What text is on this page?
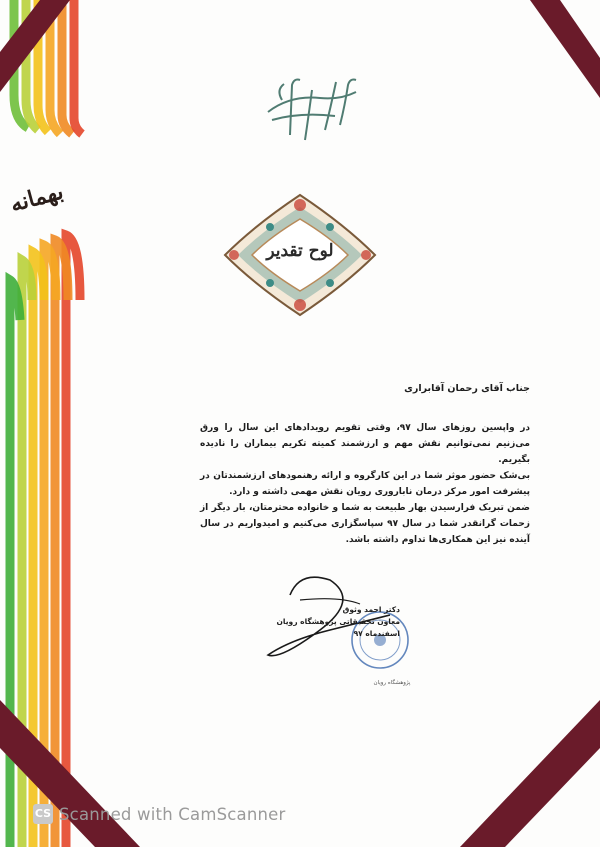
بهمانه
لوح تقدیر

جناب آقای رحمان آقابراری

در واپسین روزهای سال ۹۷، وقتی تقویم رویدادهای این سال را ورق می‌زنیم نمی‌توانیم نقش مهم و ارزشمند کمیته تکریم بیماران را نادیده بگیریم.

بی‌شک حضور موثر شما در این کارگروه و ارائه رهنمودهای ارزشمندتان در پیشرفت امور مرکز درمان ناباروری رویان نقش مهمی داشته و دارد.

ضمن تبریک فرارسیدن بهار طبیعت به شما و خانواده محترمتان، بار دیگر از زحمات گرانقدر شما در سال ۹۷ سپاسگزاری می‌کنیم و امیدواریم در سال آینده نیز این همکاری‌ها تداوم داشته باشد.

دکتر احمد وثوق
معاون تحقیقاتی پژوهشگاه رویان
اسفندماه ۹۷
پژوهشگاه رویان
CS Scanned with CamScanner
